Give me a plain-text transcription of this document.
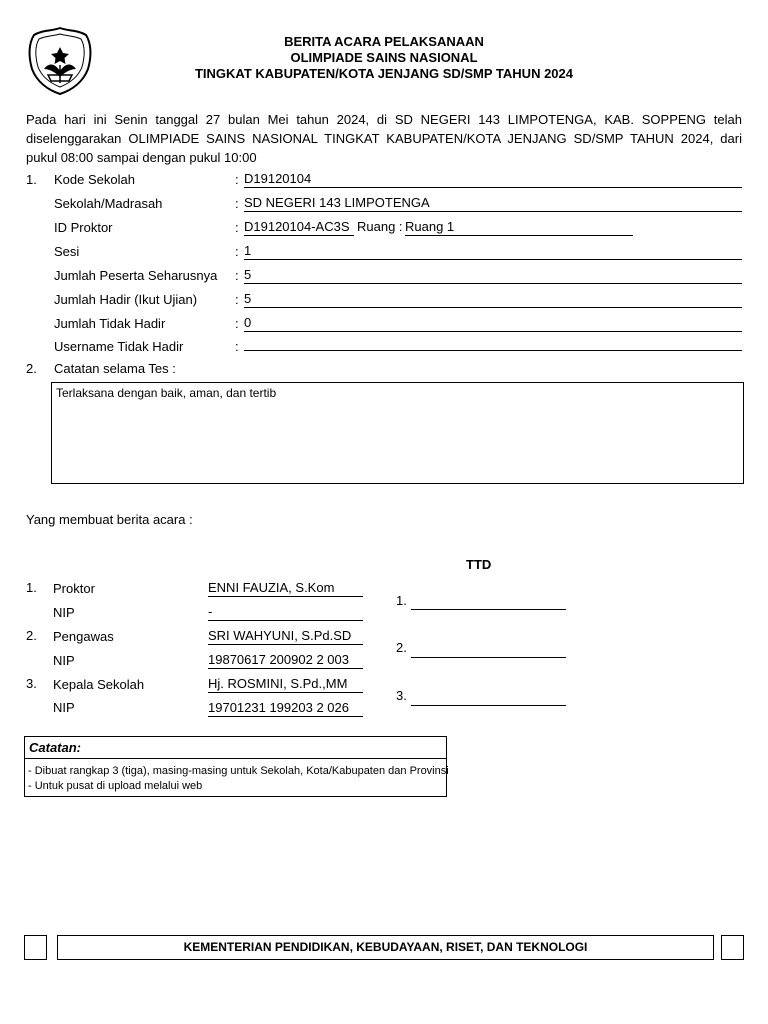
BERITA ACARA PELAKSANAAN
OLIMPIADE SAINS NASIONAL
TINGKAT KABUPATEN/KOTA JENJANG SD/SMP TAHUN 2024
Pada hari ini Senin tanggal 27 bulan Mei tahun 2024, di SD NEGERI 143 LIMPOTENGA, KAB. SOPPENG telah diselenggarakan OLIMPIADE SAINS NASIONAL TINGKAT KABUPATEN/KOTA JENJANG SD/SMP TAHUN 2024, dari pukul 08:00 sampai dengan pukul 10:00
1. Kode Sekolah	: D19120104
Sekolah/Madrasah	: SD NEGERI 143 LIMPOTENGA
ID Proktor	: D19120104-AC3S Ruang : Ruang 1
Sesi	: 1
Jumlah Peserta Seharusnya : 5
Jumlah Hadir (Ikut Ujian)	: 5
Jumlah Tidak Hadir	: 0
Username Tidak Hadir	:
2. Catatan selama Tes :
Terlaksana dengan baik, aman, dan tertib
Yang membuat berita acara :
TTD
1. Proktor	ENNI FAUZIA, S.Kom
NIP	-
1.
2. Pengawas	SRI WAHYUNI, S.Pd.SD
NIP	19870617 200902 2 003
2.
3. Kepala Sekolah	Hj. ROSMINI, S.Pd.,MM
NIP	19701231 199203 2 026
3.
Catatan:
- Dibuat rangkap 3 (tiga), masing-masing untuk Sekolah, Kota/Kabupaten dan Provinsi
- Untuk pusat di upload melalui web
KEMENTERIAN PENDIDIKAN, KEBUDAYAAN, RISET, DAN TEKNOLOGI
